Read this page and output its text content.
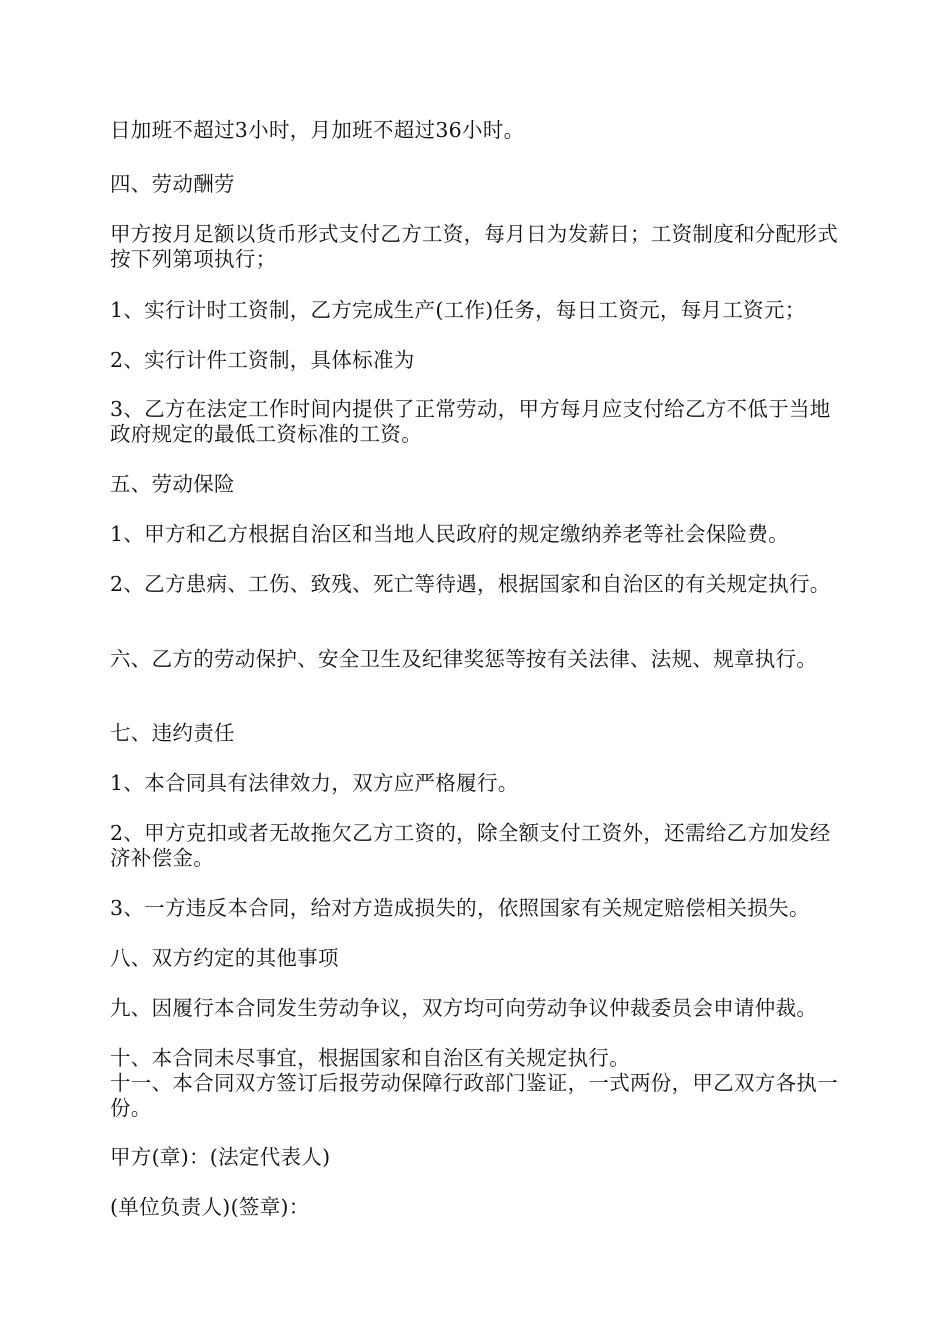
日加班不超过3小时，月加班不超过36小时。

四、劳动酬劳

甲方按月足额以货币形式支付乙方工资，每月日为发薪日；工资制度和分配形式按下列第项执行；

1、实行计时工资制，乙方完成生产(工作)任务，每日工资元，每月工资元；

2、实行计件工资制，具体标准为

3、乙方在法定工作时间内提供了正常劳动，甲方每月应支付给乙方不低于当地政府规定的最低工资标准的工资。

五、劳动保险

1、甲方和乙方根据自治区和当地人民政府的规定缴纳养老等社会保险费。

2、乙方患病、工伤、致残、死亡等待遇，根据国家和自治区的有关规定执行。

六、乙方的劳动保护、安全卫生及纪律奖惩等按有关法律、法规、规章执行。

七、违约责任

1、本合同具有法律效力，双方应严格履行。

2、甲方克扣或者无故拖欠乙方工资的，除全额支付工资外，还需给乙方加发经济补偿金。

3、一方违反本合同，给对方造成损失的，依照国家有关规定赔偿相关损失。

八、双方约定的其他事项

九、因履行本合同发生劳动争议，双方均可向劳动争议仲裁委员会申请仲裁。

十、本合同未尽事宜，根据国家和自治区有关规定执行。

十一、本合同双方签订后报劳动保障行政部门鉴证，一式两份，甲乙双方各执一份。

甲方(章)：(法定代表人)

(单位负责人)(签章)：
